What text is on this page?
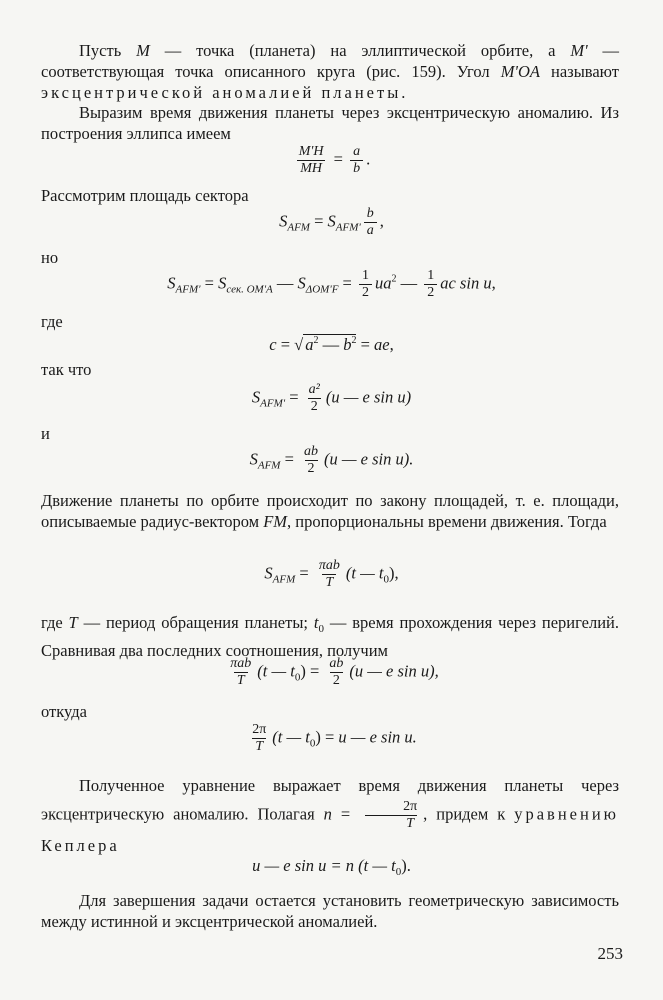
Пусть M — точка (планета) на эллиптической орбите, а M' — соответствующая точка описанного круга (рис. 159). Угол M'OA называют эксцентрической аномалией планеты.

Выразим время движения планеты через эксцентрическую аномалию. Из построения эллипса имеем

$\frac{M'H}{MH} = \frac{a}{b}$ .

Рассмотрим площадь сектора

$S_{AFM} = S_{AFM'} \frac{b}{a}$ ,

но

$S_{AFM'} = S_{сек. OM'A}$ — $S_{\Delta OM'F} = \frac{1}{2} ua^2$ — $\frac{1}{2}$ ac sin u,

где

c = √ $a^2$ — $b^2$ = ae,

так что

$S_{AFM'} = \frac{\text{a²}}{2} (u$ — e sin u)

и

$S_{AFM} = \frac{ab}{2} (u$ — e sin u).

Движение планеты по орбите происходит по закону площадей, т. е. площади, описываемые радиус-вектором FM, пропорциональны времени движения. Тогда

$S_{AFM} = \frac{\text{πab}}{T} (t$ — $t_0$),

где T — период обращения планеты; $t_0$ — время прохождения через перигелий. Сравнивая два последних соотношения, получим

$\frac{\text{πab}}{T} (t$ — $t_0) = \frac{ab}{2} (u$ — e sin u),

откуда

$\frac{2\pi}{T} (t$ — $t_0) = u$ — e sin u.

Полученное уравнение выражает время движения планеты через эксцентрическую аномалию. Полагая $n = \frac{2\pi}{T}$ , придем к уравнению Кеплера

u — e sin u = n (t — $t_0$).

Для завершения задачи остается установить геометрическую зависимость между истинной и эксцентрической аномалией.

253
